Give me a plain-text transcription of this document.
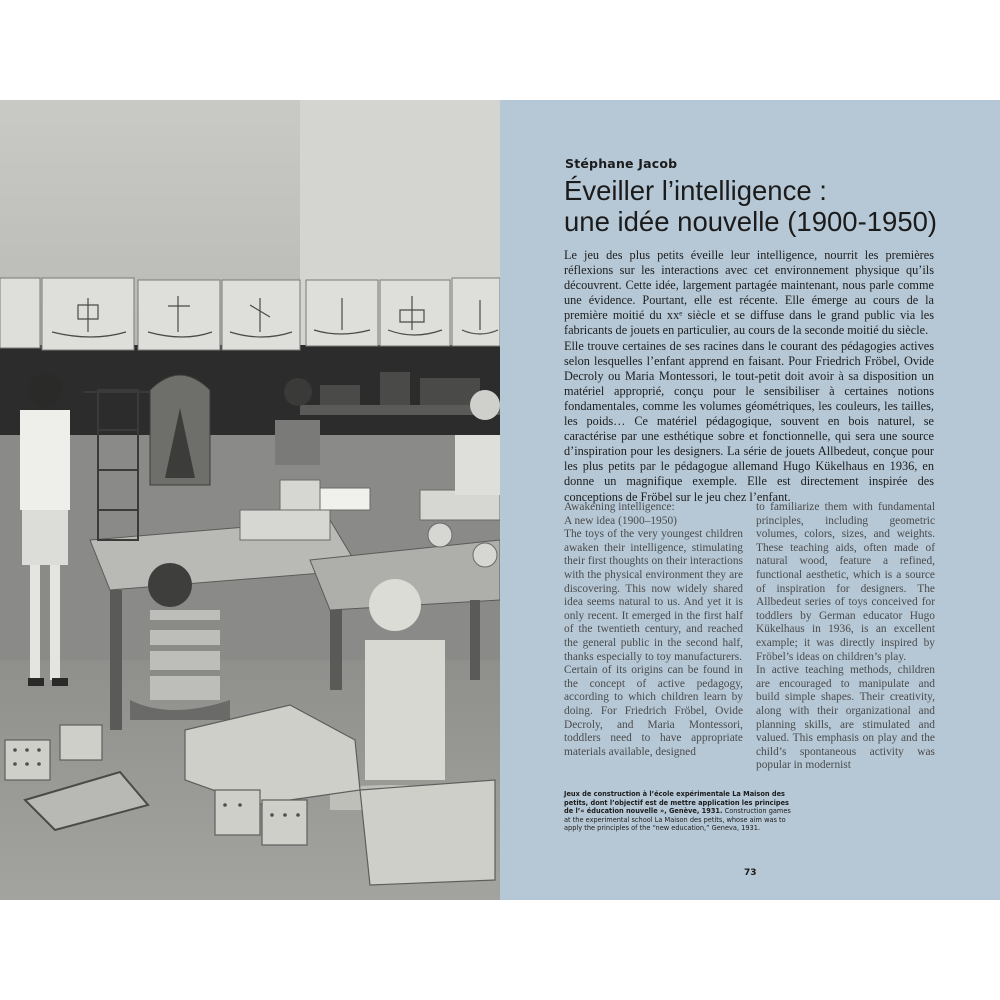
Stéphane Jacob
Éveiller l’intelligence :
une idée nouvelle (1900-1950)

Le jeu des plus petits éveille leur intelligence, nourrit les premières réflexions sur les interactions avec cet environnement physique qu’ils découvrent. Cette idée, largement partagée maintenant, nous parle comme une évidence. Pourtant, elle est récente. Elle émerge au cours de la première moitié du xxᵉ siècle et se diffuse dans le grand public via les fabricants de jouets en particulier, au cours de la seconde moitié du siècle.

Elle trouve certaines de ses racines dans le courant des pédagogies actives selon lesquelles l’enfant apprend en faisant. Pour Friedrich Fröbel, Ovide Decroly ou Maria Montessori, le tout-petit doit avoir à sa disposition un matériel approprié, conçu pour le sensibiliser à certaines notions fondamentales, comme les volumes géométriques, les couleurs, les tailles, les poids… Ce matériel pédagogique, souvent en bois naturel, se caractérise par une esthétique sobre et fonctionnelle, qui sera une source d’inspiration pour les designers. La série de jouets Allbedeut, conçue pour les plus petits par le pédagogue allemand Hugo Kükelhaus en 1936, en donne un magnifique exemple. Elle est directement inspirée des conceptions de Fröbel sur le jeu chez l’enfant.

Awakening intelligence:

A new idea (1900–1950)

The toys of the very youngest children awaken their intelligence, stimulating their first thoughts on their interactions with the physical environment they are discovering. This now widely shared idea seems natural to us. And yet it is only recent. It emerged in the first half of the twentieth century, and reached the general public in the second half, thanks especially to toy manufacturers.

Certain of its origins can be found in the concept of active pedagogy, according to which children learn by doing. For Friedrich Fröbel, Ovide Decroly, and Maria Montessori, toddlers need to have appropriate materials available, designed

to familiarize them with fundamental principles, including geometric volumes, colors, sizes, and weights. These teaching aids, often made of natural wood, feature a refined, functional aesthetic, which is a source of inspiration for designers. The Allbedeut series of toys conceived for toddlers by German educator Hugo Kükelhaus in 1936, is an excellent example; it was directly inspired by Fröbel’s ideas on children’s play.

In active teaching methods, children are encouraged to manipulate and build simple shapes. Their creativity, along with their organizational and planning skills, are stimulated and valued. This emphasis on play and the child’s spontaneous activity was popular in modernist

Jeux de construction à l’école expérimentale La Maison des petits, dont l’objectif est de mettre application les principes de l’« éducation nouvelle », Genève, 1931. Construction games at the experimental school La Maison des petits, whose aim was to apply the principles of the “new education,” Geneva, 1931.
73
